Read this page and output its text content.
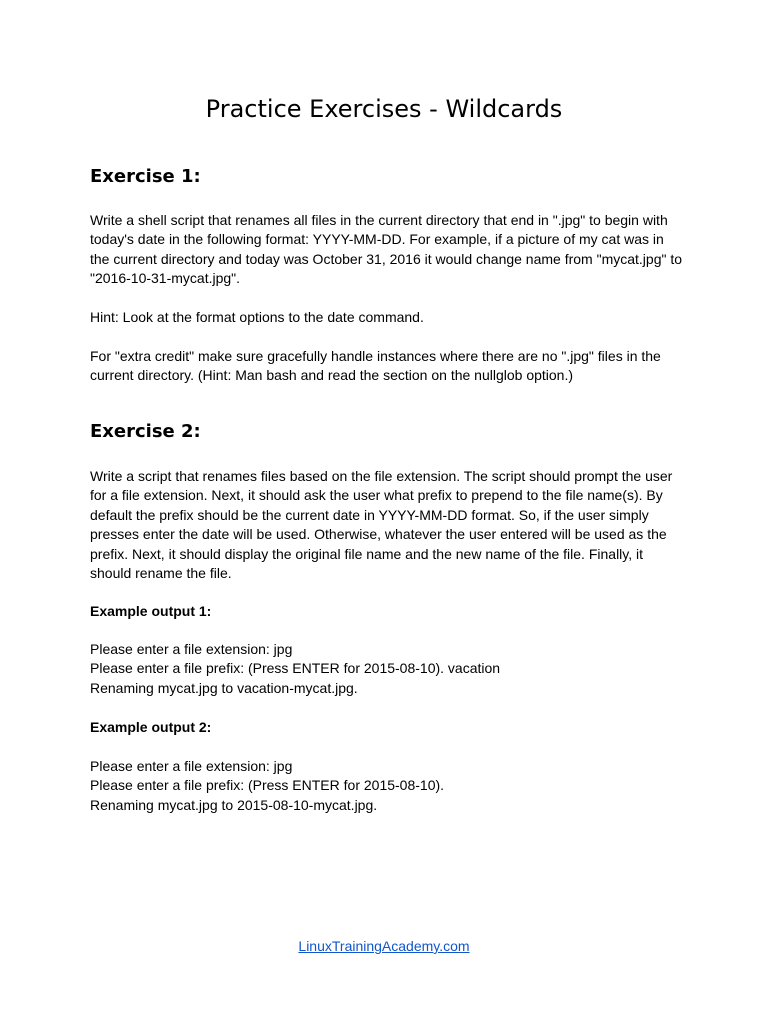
Practice Exercises - Wildcards
Exercise 1:
Write a shell script that renames all files in the current directory that end in ".jpg" to begin with
today's date in the following format: YYYY-MM-DD. For example, if a picture of my cat was in
the current directory and today was October 31, 2016 it would change name from "mycat.jpg" to
"2016-10-31-mycat.jpg".
Hint: Look at the format options to the date command.
For "extra credit" make sure gracefully handle instances where there are no ".jpg" files in the
current directory. (Hint: Man bash and read the section on the nullglob option.)
Exercise 2:
Write a script that renames files based on the file extension. The script should prompt the user
for a file extension. Next, it should ask the user what prefix to prepend to the file name(s). By
default the prefix should be the current date in YYYY-MM-DD format. So, if the user simply
presses enter the date will be used. Otherwise, whatever the user entered will be used as the
prefix. Next, it should display the original file name and the new name of the file. Finally, it
should rename the file.
Example output 1:
Please enter a file extension: jpg
Please enter a file prefix: (Press ENTER for 2015-08-10). vacation
Renaming mycat.jpg to vacation-mycat.jpg.
Example output 2:
Please enter a file extension: jpg
Please enter a file prefix: (Press ENTER for 2015-08-10).
Renaming mycat.jpg to 2015-08-10-mycat.jpg.
LinuxTrainingAcademy.com
